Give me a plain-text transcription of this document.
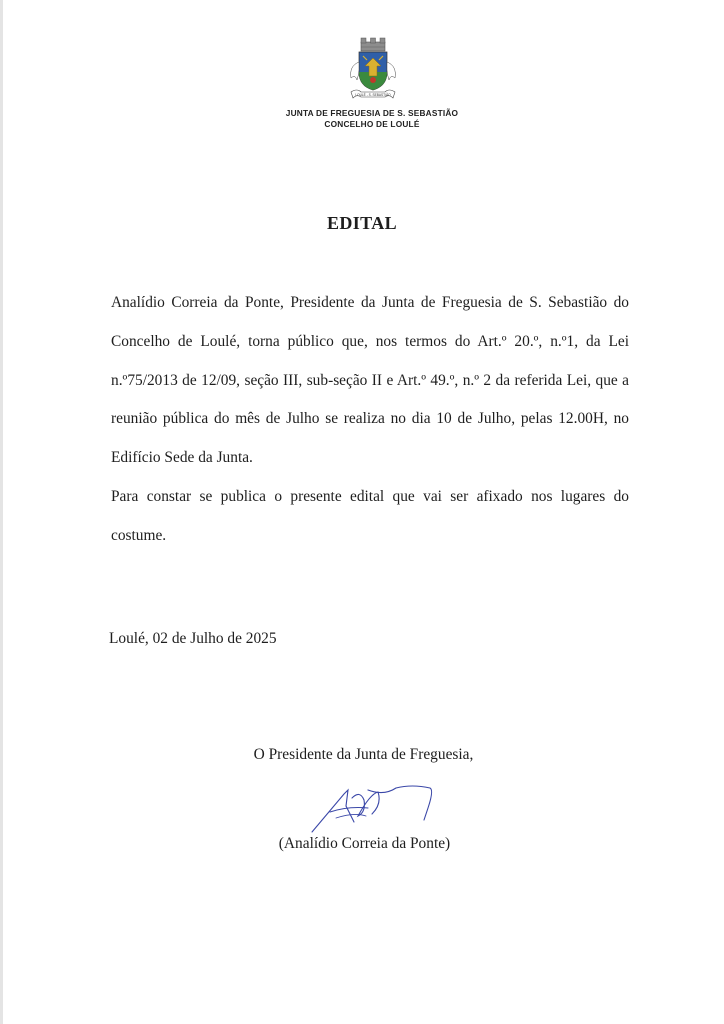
LOULÉ - S. SEBASTIÃO
JUNTA DE FREGUESIA DE S. SEBASTIÃO
CONCELHO DE LOULÉ
EDITAL

Analídio Correia da Ponte, Presidente da Junta de Freguesia de S. Sebastião do Concelho de Loulé, torna público que, nos termos do Art.º 20.º, n.º1, da Lei n.º75/2013 de 12/09, seção III, sub-seção II e Art.º 49.º, n.º 2 da referida Lei, que a reunião pública do mês de Julho se realiza no dia 10 de Julho, pelas 12.00H, no Edifício Sede da Junta.

Para constar se publica o presente edital que vai ser afixado nos lugares do costume.

Loulé, 02 de Julho de 2025
O Presidente da Junta de Freguesia,
(Analídio Correia da Ponte)
